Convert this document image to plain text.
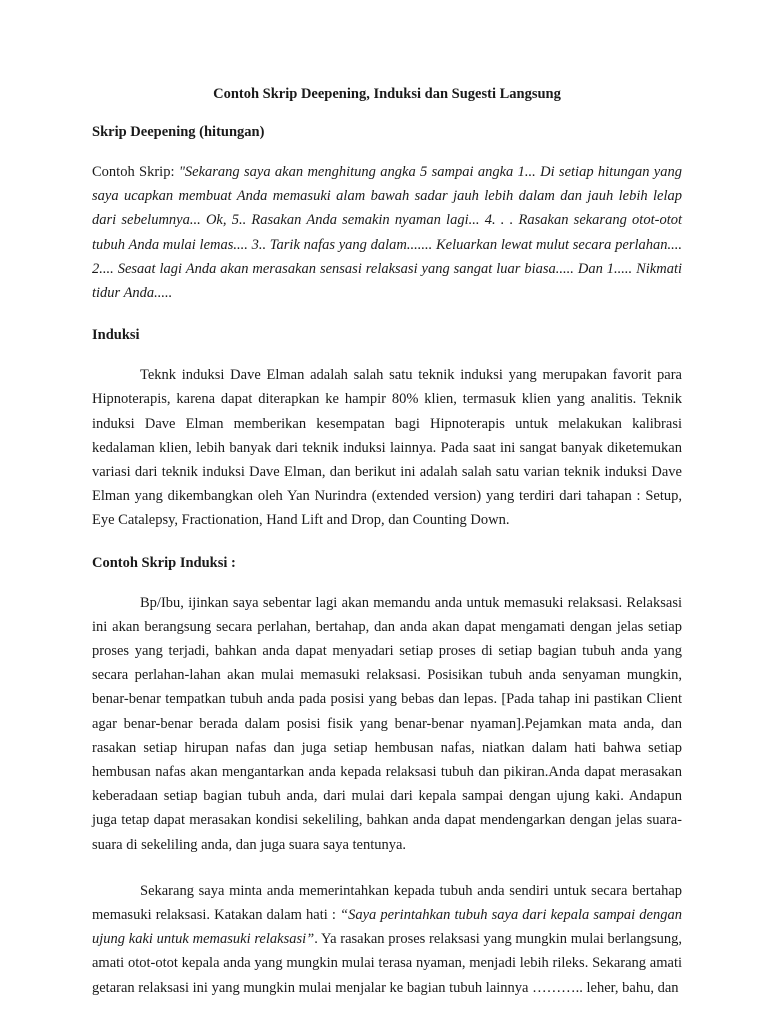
Contoh Skrip Deepening, Induksi dan Sugesti Langsung
Skrip Deepening (hitungan)
Contoh Skrip: "Sekarang saya akan menghitung angka 5 sampai angka 1... Di setiap hitungan yang saya ucapkan membuat Anda memasuki alam bawah sadar jauh lebih dalam dan jauh lebih lelap dari sebelumnya... Ok, 5.. Rasakan Anda semakin nyaman lagi... 4. . . Rasakan sekarang otot-otot tubuh Anda mulai lemas.... 3.. Tarik nafas yang dalam....... Keluarkan lewat mulut secara perlahan.... 2.... Sesaat lagi Anda akan merasakan sensasi relaksasi yang sangat luar biasa..... Dan 1..... Nikmati tidur Anda.....
Induksi
Teknk induksi Dave Elman adalah salah satu teknik induksi yang merupakan favorit para Hipnoterapis, karena dapat diterapkan ke hampir 80% klien, termasuk klien yang analitis. Teknik induksi Dave Elman memberikan kesempatan bagi Hipnoterapis untuk melakukan kalibrasi kedalaman klien, lebih banyak dari teknik induksi lainnya. Pada saat ini sangat banyak diketemukan variasi dari teknik induksi Dave Elman, dan berikut ini adalah salah satu varian teknik induksi Dave Elman yang dikembangkan oleh Yan Nurindra (extended version) yang terdiri dari tahapan : Setup, Eye Catalepsy, Fractionation, Hand Lift and Drop, dan Counting Down.
Contoh Skrip Induksi :
Bp/Ibu, ijinkan saya sebentar lagi akan memandu anda untuk memasuki relaksasi. Relaksasi ini akan berangsung secara perlahan, bertahap, dan anda akan dapat mengamati dengan jelas setiap proses yang terjadi, bahkan anda dapat menyadari setiap proses di setiap bagian tubuh anda yang secara perlahan-lahan akan mulai memasuki relaksasi. Posisikan tubuh anda senyaman mungkin, benar-benar tempatkan tubuh anda pada posisi yang bebas dan lepas. [Pada tahap ini pastikan Client agar benar-benar berada dalam posisi fisik yang benar-benar nyaman].Pejamkan mata anda, dan rasakan setiap hirupan nafas dan juga setiap hembusan nafas, niatkan dalam hati bahwa setiap hembusan nafas akan mengantarkan anda kepada relaksasi tubuh dan pikiran.Anda dapat merasakan keberadaan setiap bagian tubuh anda, dari mulai dari kepala sampai dengan ujung kaki. Andapun juga tetap dapat merasakan kondisi sekeliling, bahkan anda dapat mendengarkan dengan jelas suara-suara di sekeliling anda, dan juga suara saya tentunya.
Sekarang saya minta anda memerintahkan kepada tubuh anda sendiri untuk secara bertahap memasuki relaksasi. Katakan dalam hati : “Saya perintahkan tubuh saya dari kepala sampai dengan ujung kaki untuk memasuki relaksasi”. Ya rasakan proses relaksasi yang mungkin mulai berlangsung, amati otot-otot kepala anda yang mungkin mulai terasa nyaman, menjadi lebih rileks. Sekarang amati getaran relaksasi ini yang mungkin mulai menjalar ke bagian tubuh lainnya ……….. leher, bahu, dan
